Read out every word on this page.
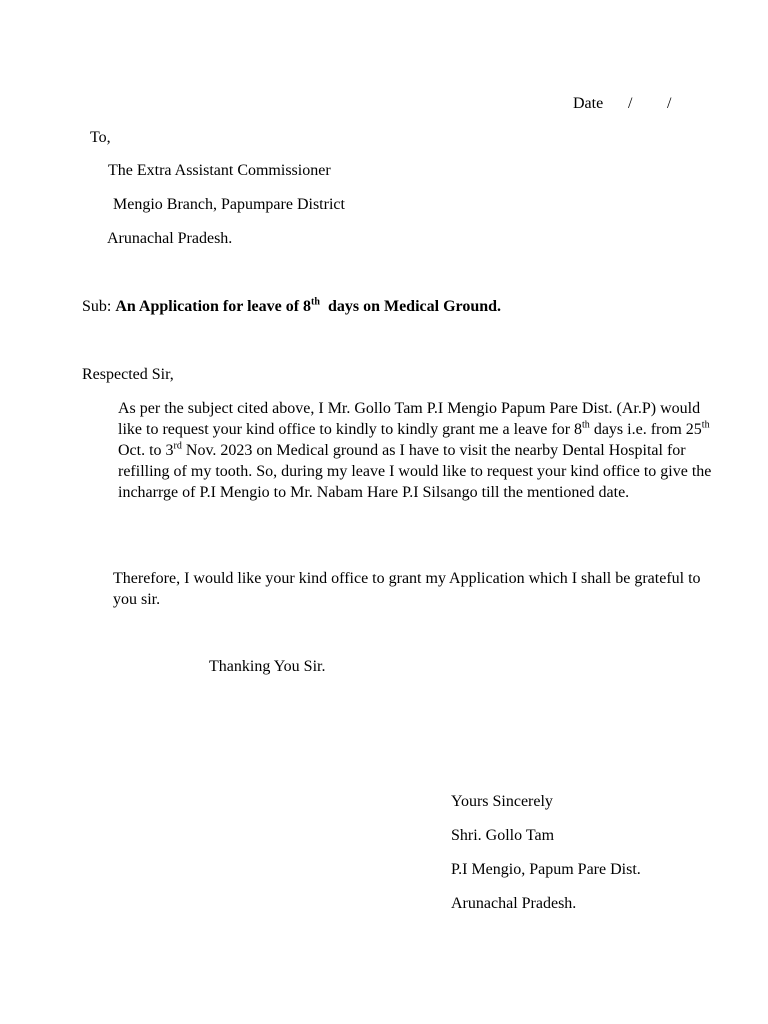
Date / /
To,
The Extra Assistant Commissioner
Mengio Branch, Papumpare District
Arunachal Pradesh.
Sub: An Application for leave of 8th days on Medical Ground.
Respected Sir,
As per the subject cited above, I Mr. Gollo Tam P.I Mengio Papum Pare Dist. (Ar.P) would like to request your kind office to kindly to kindly grant me a leave for 8th days i.e. from 25th Oct. to 3rd Nov. 2023 on Medical ground as I have to visit the nearby Dental Hospital for refilling of my tooth. So, during my leave I would like to request your kind office to give the incharrge of P.I Mengio to Mr. Nabam Hare P.I Silsango till the mentioned date.
Therefore, I would like your kind office to grant my Application which I shall be grateful to you sir.
Thanking You Sir.
Yours Sincerely
Shri. Gollo Tam
P.I Mengio, Papum Pare Dist.
Arunachal Pradesh.
